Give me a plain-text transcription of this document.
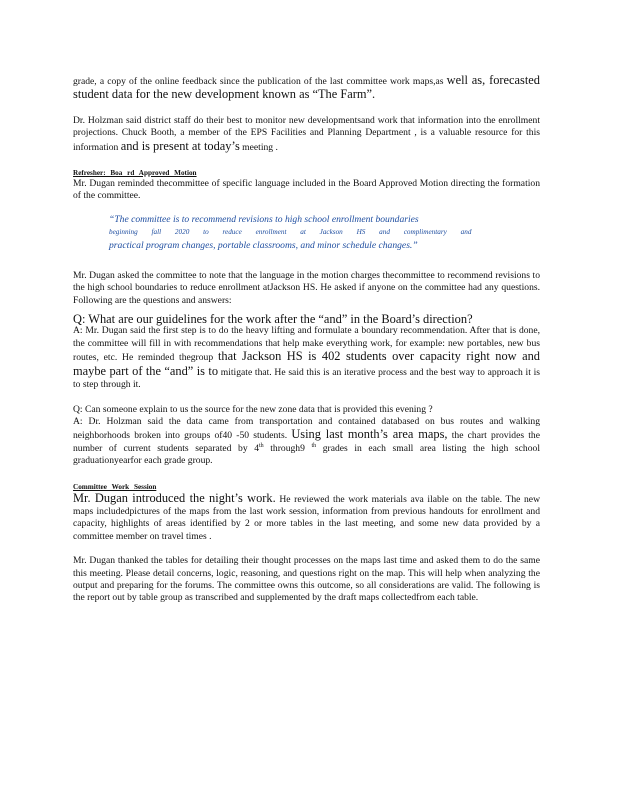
grade, a copy of the online feedback since the publication of the last committee work maps,as well as, forecasted student data for the new development known as “The Farm”.

Dr. Holzman said district staff do their best to monitor new developmentsand work that information into the enrollment projections. Chuck Booth, a member of the EPS Facilities and Planning Department , is a valuable resource for this information and is present at today’s meeting .

Refresher: Boa rd Approved Motion

Mr. Dugan reminded thecommittee of specific language included in the Board Approved Motion directing the formation of the committee.

“The committee is to recommend revisions to high school enrollment boundaries

beginning fall 2020 to reduce enrollment at Jackson HS and complimentary and

practical program changes, portable classrooms, and minor schedule changes.”

Mr. Dugan asked the committee to note that the language in the motion charges thecommittee to recommend revisions to the high school boundaries to reduce enrollment atJackson HS. He asked if anyone on the committee had any questions. Following are the questions and answers:

Q: What are our guidelines for the work after the “and” in the Board’s direction?

A: Mr. Dugan said the first step is to do the heavy lifting and formulate a boundary recommendation. After that is done, the committee will fill in with recommendations that help make everything work, for example: new portables, new bus routes, etc. He reminded thegroup that Jackson HS is 402 students over capacity right now and maybe part of the “and” is to mitigate that. He said this is an iterative process and the best way to approach it is to step through it.

Q: Can someone explain to us the source for the new zone data that is provided this evening ?

A: Dr. Holzman said the data came from transportation and contained databased on bus routes and walking neighborhoods broken into groups of40 -50 students. Using last month’s area maps, the chart provides the number of current students separated by 4th through9 $^{th}$ grades in each small area listing the high school graduationyearfor each grade group.

Committee Work Session

Mr. Dugan introduced the night’s work. He reviewed the work materials ava ilable on the table. The new maps includedpictures of the maps from the last work session, information from previous handouts for enrollment and capacity, highlights of areas identified by 2 or more tables in the last meeting, and some new data provided by a committee member on travel times .

Mr. Dugan thanked the tables for detailing their thought processes on the maps last time and asked them to do the same this meeting. Please detail concerns, logic, reasoning, and questions right on the map. This will help when analyzing the output and preparing for the forums. The committee owns this outcome, so all considerations are valid. The following is the report out by table group as transcribed and supplemented by the draft maps collectedfrom each table.
